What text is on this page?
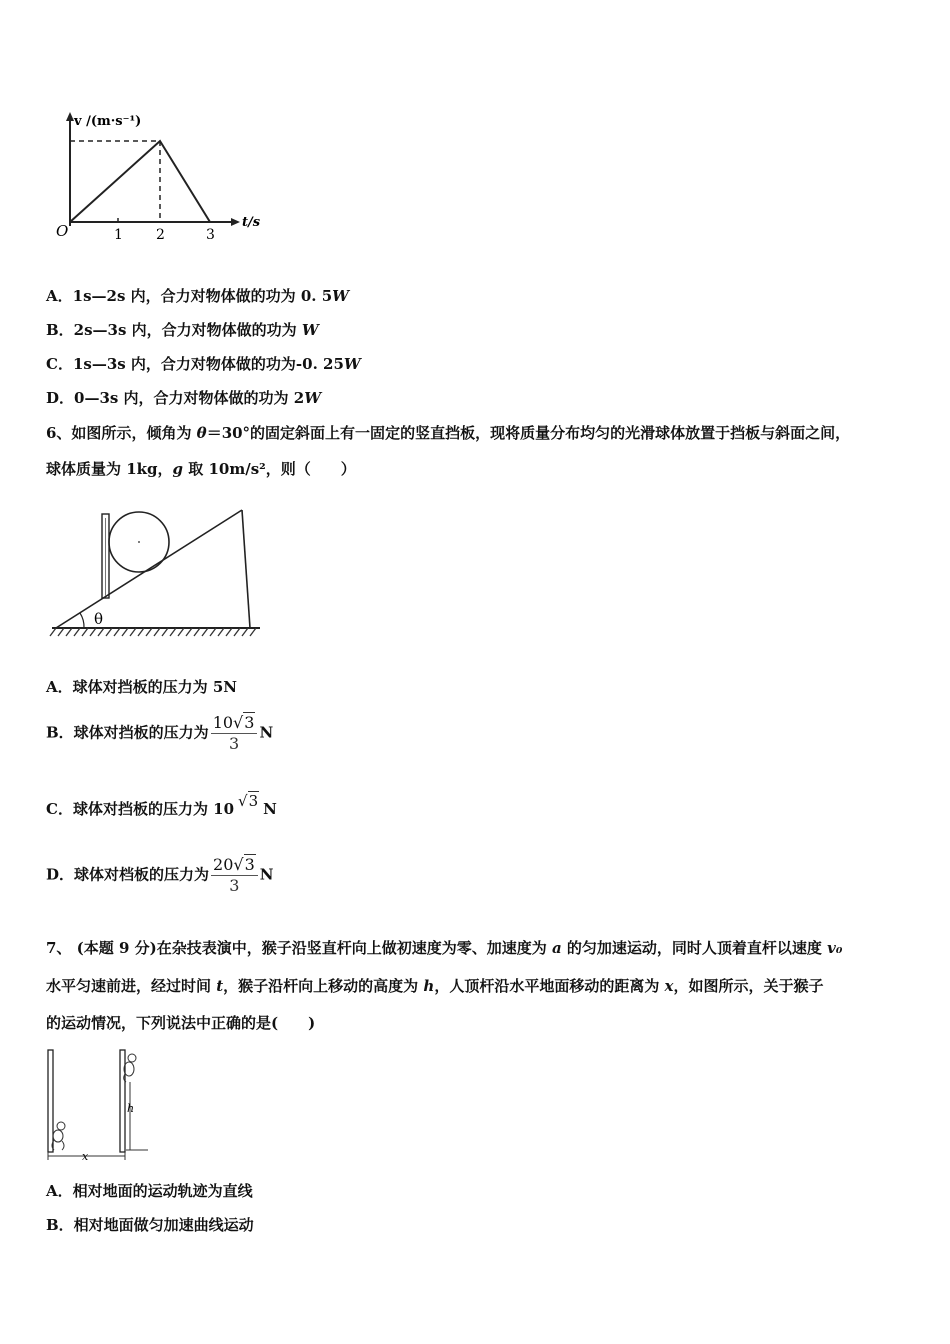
v /(m·s⁻¹)
t/s
O	1 2	3
A．1s—2s 内，合力对物体做的功为 0. 5W
B．2s—3s 内，合力对物体做的功为 W
C．1s—3s 内，合力对物体做的功为-0. 25W
D．0—3s 内，合力对物体做的功为 2W
6、如图所示，倾角为 θ＝30°的固定斜面上有一固定的竖直挡板，现将质量分布均匀的光滑球体放置于挡板与斜面之间，
球体质量为 1kg，g 取 10m/s²，则（　　）
θ
A．球体对挡板的压力为 5N
B．球体对挡板的压力为 $\frac{10√3}{3}$ N
C．球体对挡板的压力为 10 √3 N
D．球体对档板的压力为 $\frac{20√3}{3}$ N
7、 (本题 9 分)在杂技表演中，猴子沿竖直杆向上做初速度为零、加速度为 a 的匀加速运动，同时人顶着直杆以速度 v₀
水平匀速前进，经过时间 t，猴子沿杆向上移动的高度为 h，人顶杆沿水平地面移动的距离为 x，如图所示，关于猴子
的运动情况，下列说法中正确的是(　　)
h
x
A．相对地面的运动轨迹为直线
B．相对地面做匀加速曲线运动
